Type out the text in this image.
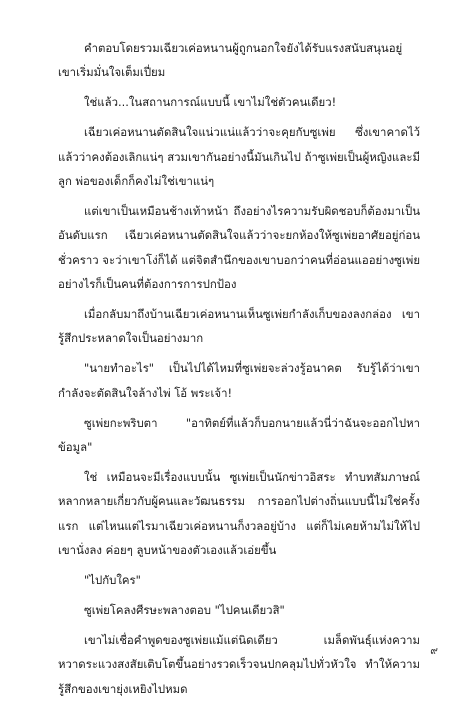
คำตอบโดยรวมเฉียวเค่อหนานผู้ถูกนอกใจยังได้รับแรงสนับสนุนอยู่ เขาเริ่มมั่นใจเต็มเปี่ยม

ใช่แล้ว...ในสถานการณ์แบบนี้ เขาไม่ใช่ตัวคนเดียว!

เฉียวเค่อหนานตัดสินใจแน่วแน่แล้วว่าจะคุยกับซูเพ่ย ซึ่งเขาคาดไว้แล้วว่าคงต้องเลิกแน่ๆ สวมเขากันอย่างนี้มันเกินไป ถ้าซูเพ่ยเป็นผู้หญิงและมีลูก พ่อของเด็กก็คงไม่ใช่เขาแน่ๆ

แต่เขาเป็นเหมือนช้างเท้าหน้า ถึงอย่างไรความรับผิดชอบก็ต้องมาเป็นอันดับแรก เฉียวเค่อหนานตัดสินใจแล้วว่าจะยกห้องให้ซูเพ่ยอาศัยอยู่ก่อนชั่วคราว จะว่าเขาโง่ก็ได้ แต่จิตสำนึกของเขาบอกว่าคนที่อ่อนแออย่างซูเพ่ย อย่างไรก็เป็นคนที่ต้องการการปกป้อง

เมื่อกลับมาถึงบ้านเฉียวเค่อหนานเห็นซูเพ่ยกำลังเก็บของลงกล่อง เขารู้สึกประหลาดใจเป็นอย่างมาก

"นายทำอะไร" เป็นไปได้ไหมที่ซูเพ่ยจะล่วงรู้อนาคต รับรู้ได้ว่าเขากำลังจะตัดสินใจล้างไพ่ โอ้ พระเจ้า!

ซูเพ่ยกะพริบตา "อาทิตย์ที่แล้วก็บอกนายแล้วนี่ว่าฉันจะออกไปหาข้อมูล"

ใช่ เหมือนจะมีเรื่องแบบนั้น ซูเพ่ยเป็นนักข่าวอิสระ ทำบทสัมภาษณ์หลากหลายเกี่ยวกับผู้คนและวัฒนธรรม การออกไปต่างถิ่นแบบนี้ไม่ใช่ครั้งแรก แต่ไหนแต่ไรมาเฉียวเค่อหนานก็งวลอยู่บ้าง แต่ก็ไม่เคยห้ามไม่ให้ไป เขานั่งลง ค่อยๆ ลูบหน้าของตัวเองแล้วเอ่ยขึ้น

"ไปกับใคร"

ซูเพ่ยโคลงศีรษะพลางตอบ "ไปคนเดียวสิ"

เขาไม่เชื่อคำพูดของซูเพ่ยแม้แต่นิดเดียว เมล็ดพันธุ์แห่งความหวาดระแวงสงสัยเติบโตขึ้นอย่างรวดเร็วจนปกคลุมไปทั่วหัวใจ ทำให้ความรู้สึกของเขายุ่งเหยิงไปหมด

๙
